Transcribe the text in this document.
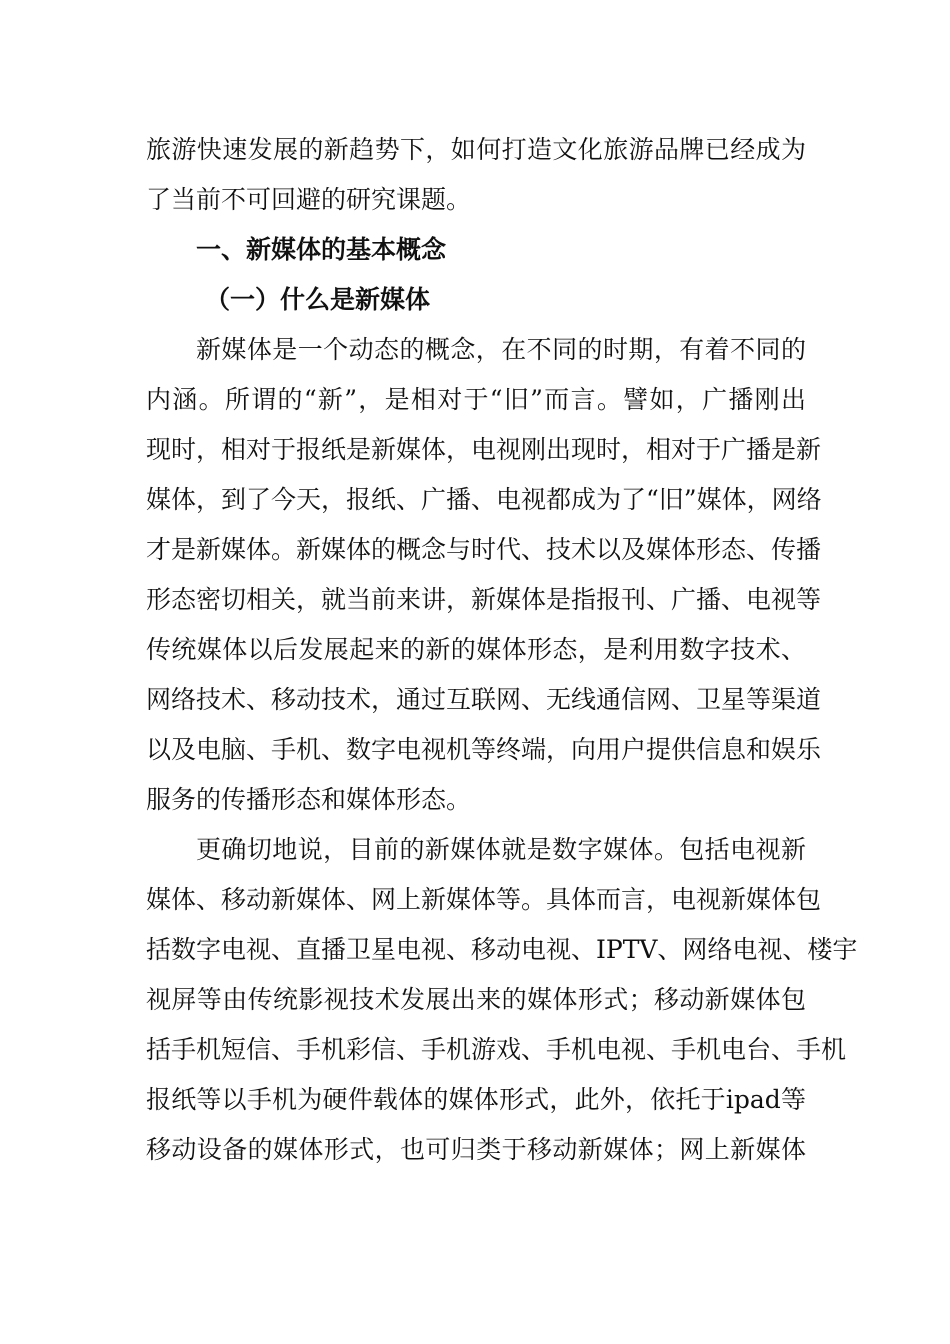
旅游快速发展的新趋势下，如何打造文化旅游品牌已经成为
了当前不可回避的研究课题。
一、新媒体的基本概念
（一）什么是新媒体
新媒体是一个动态的概念，在不同的时期，有着不同的
内涵。所谓的“新”，是相对于“旧”而言。譬如，广播刚出
现时，相对于报纸是新媒体，电视刚出现时，相对于广播是新
媒体，到了今天，报纸、广播、电视都成为了“旧”媒体，网络
才是新媒体。新媒体的概念与时代、技术以及媒体形态、传播
形态密切相关，就当前来讲，新媒体是指报刊、广播、电视等
传统媒体以后发展起来的新的媒体形态，是利用数字技术、
网络技术、移动技术，通过互联网、无线通信网、卫星等渠道
以及电脑、手机、数字电视机等终端，向用户提供信息和娱乐
服务的传播形态和媒体形态。
更确切地说，目前的新媒体就是数字媒体。包括电视新
媒体、移动新媒体、网上新媒体等。具体而言，电视新媒体包
括数字电视、直播卫星电视、移动电视、IPTV、网络电视、楼宇
视屏等由传统影视技术发展出来的媒体形式；移动新媒体包
括手机短信、手机彩信、手机游戏、手机电视、手机电台、手机
报纸等以手机为硬件载体的媒体形式，此外，依托于ipad等
移动设备的媒体形式，也可归类于移动新媒体；网上新媒体
